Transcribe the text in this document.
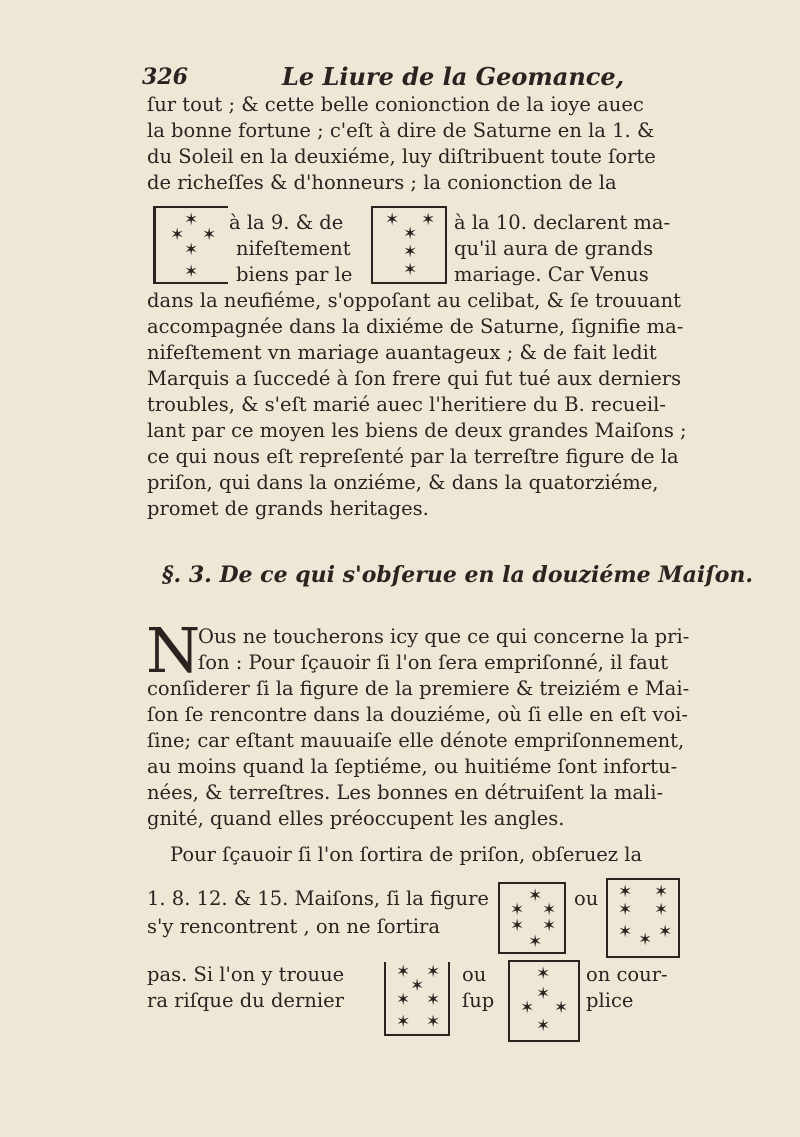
326	Le Liure de la Geomance,
ſur tout ; & cette belle conionction de la ioye auec
la bonne fortune ; c'eſt à dire de Saturne en la 1. &
du Soleil en la deuxiéme, luy diſtribuent toute ſorte
de richeſſes & d'honneurs ; la conionction de la
✶
✶ ✶
✶
✶
à la 9. & de
nifeſtement
biens par le
✶ ✶
✶
✶
✶
à la 10. declarent ma-
qu'il aura de grands
mariage. Car Venus
dans la neufiéme, s'oppoſant au celibat, & ſe trouuant
accompagnée dans la dixiéme de Saturne, ſignifie ma-
nifeſtement vn mariage auantageux ; & de fait ledit
Marquis a ſuccedé à ſon frere qui fut tué aux derniers
troubles, & s'eſt marié auec l'heritiere du B. recueil-
lant par ce moyen les biens de deux grandes Maiſons ;
ce qui nous eſt repreſenté par la terreſtre figure de la
priſon, qui dans la onziéme, & dans la quatorziéme,
promet de grands heritages.
§. 3. De ce qui s'obſerue en la douziéme Maiſon.
N
Ous ne toucherons icy que ce qui concerne la pri-
ſon : Pour ſçauoir ſi l'on ſera empriſonné, il faut
conſiderer ſi la figure de la premiere & treiziém e Mai-
ſon ſe rencontre dans la douziéme, où ſi elle en eſt voi-
ſine; car eſtant mauuaiſe elle dénote empriſonnement,
au moins quand la ſeptiéme, ou huitiéme ſont infortu-
nées, & terreſtres. Les bonnes en détruiſent la mali-
gnité, quand elles préoccupent les angles.
Pour ſçauoir ſi l'on ſortira de priſon, obſeruez la
1. 8. 12. & 15. Maiſons, ſi la figure
s'y rencontrent , on ne ſortira
✶
✶ ✶
✶ ✶
✶
ou ✶ ✶
✶ ✶
✶ ✶ ✶
pas. Si l'on y trouue
ra riſque du dernier
✶ ✶
✶
✶ ✶
✶ ✶
ou
ſup
✶
✶
✶ ✶
✶
on cour-
plice
